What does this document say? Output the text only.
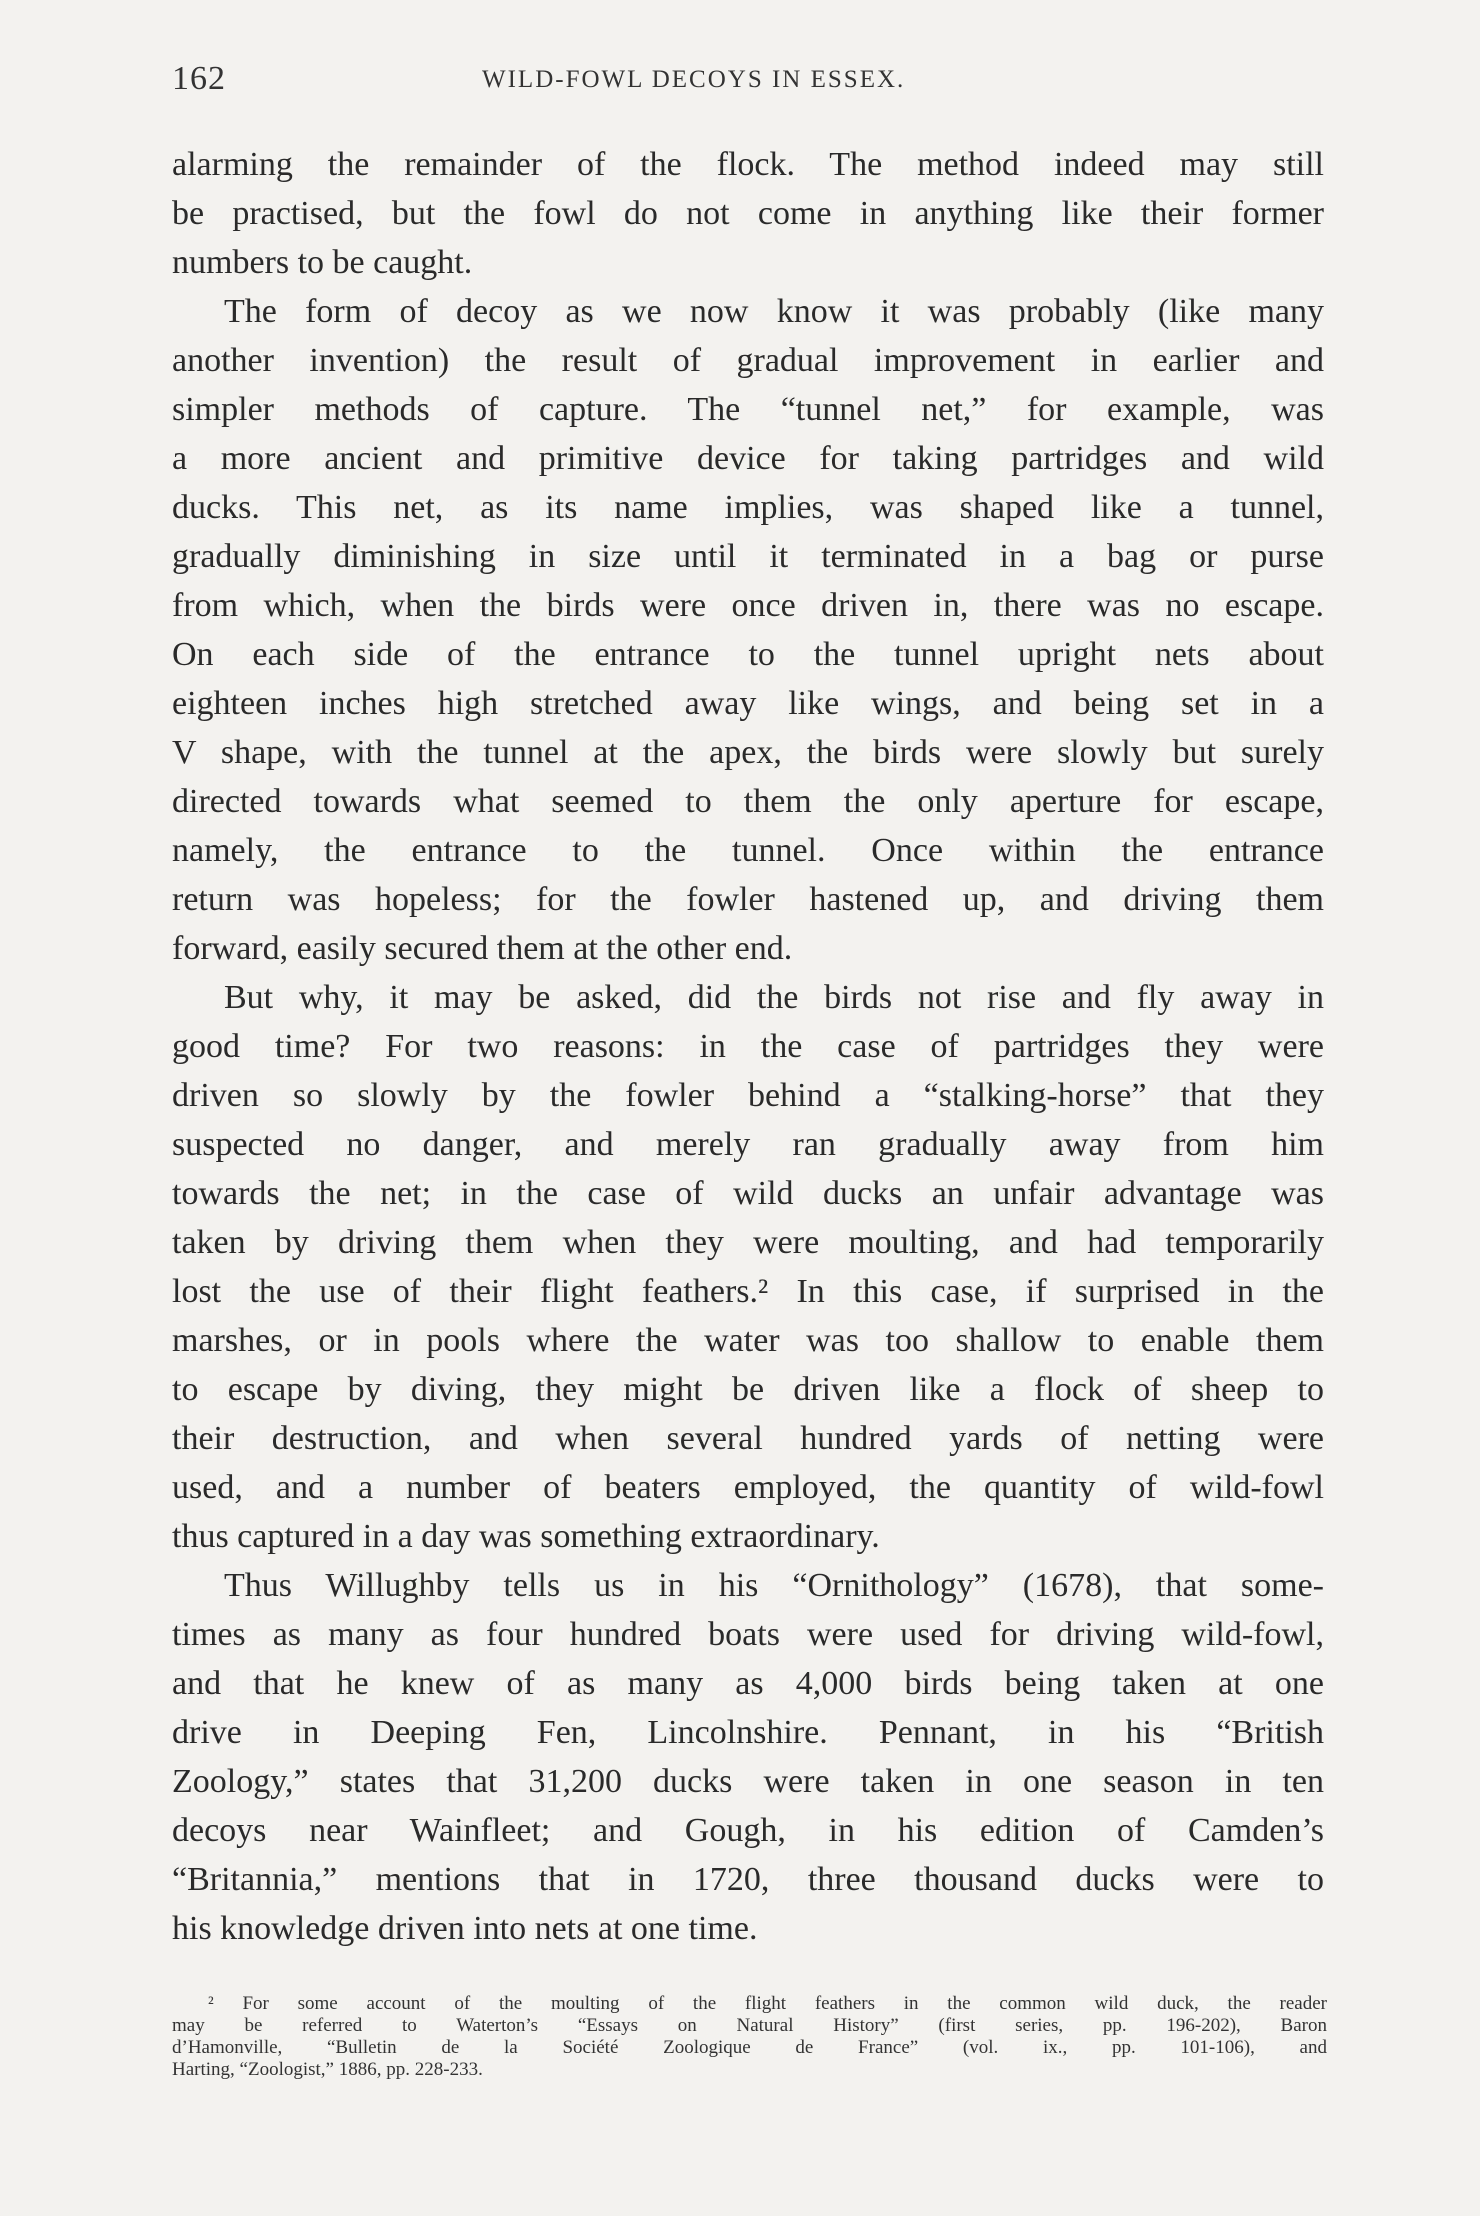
162	WILD-FOWL DECOYS IN ESSEX.
alarming the remainder of the flock. The method indeed may still
be practised, but the fowl do not come in anything like their former
numbers to be caught.
The form of decoy as we now know it was probably (like many
another invention) the result of gradual improvement in earlier and
simpler methods of capture. The “tunnel net,” for example, was
a more ancient and primitive device for taking partridges and wild
ducks. This net, as its name implies, was shaped like a tunnel,
gradually diminishing in size until it terminated in a bag or purse
from which, when the birds were once driven in, there was no escape.
On each side of the entrance to the tunnel upright nets about
eighteen inches high stretched away like wings, and being set in a
V shape, with the tunnel at the apex, the birds were slowly but surely
directed towards what seemed to them the only aperture for escape,
namely, the entrance to the tunnel. Once within the entrance
return was hopeless; for the fowler hastened up, and driving them
forward, easily secured them at the other end.
But why, it may be asked, did the birds not rise and fly away in
good time? For two reasons: in the case of partridges they were
driven so slowly by the fowler behind a “stalking-horse” that they
suspected no danger, and merely ran gradually away from him
towards the net; in the case of wild ducks an unfair advantage was
taken by driving them when they were moulting, and had temporarily
lost the use of their flight feathers.² In this case, if surprised in the
marshes, or in pools where the water was too shallow to enable them
to escape by diving, they might be driven like a flock of sheep to
their destruction, and when several hundred yards of netting were
used, and a number of beaters employed, the quantity of wild-fowl
thus captured in a day was something extraordinary.
Thus Willughby tells us in his “Ornithology” (1678), that some-
times as many as four hundred boats were used for driving wild-fowl,
and that he knew of as many as 4,000 birds being taken at one
drive in Deeping Fen, Lincolnshire. Pennant, in his “British
Zoology,” states that 31,200 ducks were taken in one season in ten
decoys near Wainfleet; and Gough, in his edition of Camden’s
“Britannia,” mentions that in 1720, three thousand ducks were to
his knowledge driven into nets at one time.
² For some account of the moulting of the flight feathers in the common wild duck, the reader
may be referred to Waterton’s “Essays on Natural History” (first series, pp. 196-202), Baron
d’Hamonville, “Bulletin de la Société Zoologique de France” (vol. ix., pp. 101-106), and
Harting, “Zoologist,” 1886, pp. 228-233.
